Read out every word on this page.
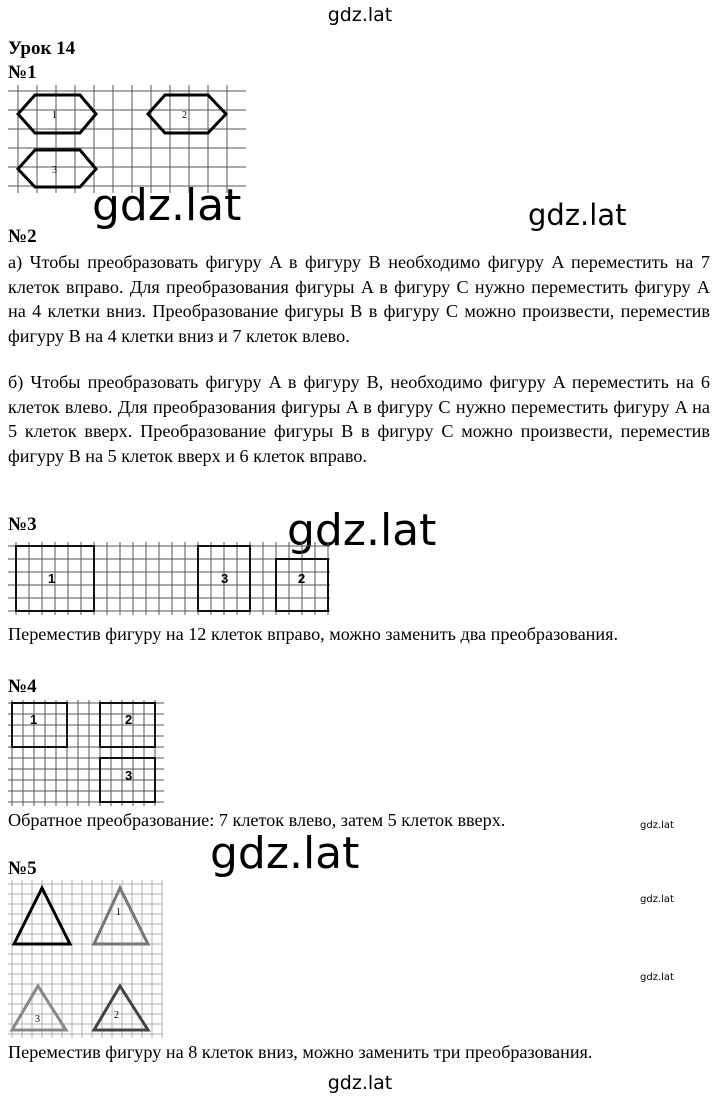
gdz.lat
gdz.lat	gdz.lat
gdz.lat
gdz.lat
gdz.lat
gdz.lat
gdz.lat
gdz.lat
Урок 14
№1
1	2
3
№2
а) Чтобы преобразовать фигуру A в фигуру B необходимо фигуру A переместить на 7 клеток вправо. Для преобразования фигуры A в фигуру C нужно переместить фигуру A на 4 клетки вниз. Преобразование фигуры B в фигуру C можно произвести, переместив фигуру B на 4 клетки вниз и 7 клеток влево.
б) Чтобы преобразовать фигуру A в фигуру B, необходимо фигуру A переместить на 6 клеток влево. Для преобразования фигуры A в фигуру C нужно переместить фигуру A на 5 клеток вверх. Преобразование фигуры B в фигуру C можно произвести, переместив фигуру B на 5 клеток вверх и 6 клеток вправо.
№3
1	3	2
Переместив фигуру на 12 клеток вправо, можно заменить два преобразования.
№4
1	2
3
Обратное преобразование: 7 клеток влево, затем 5 клеток вверх.
№5
1
3	2
Переместив фигуру на 8 клеток вниз, можно заменить три преобразования.
